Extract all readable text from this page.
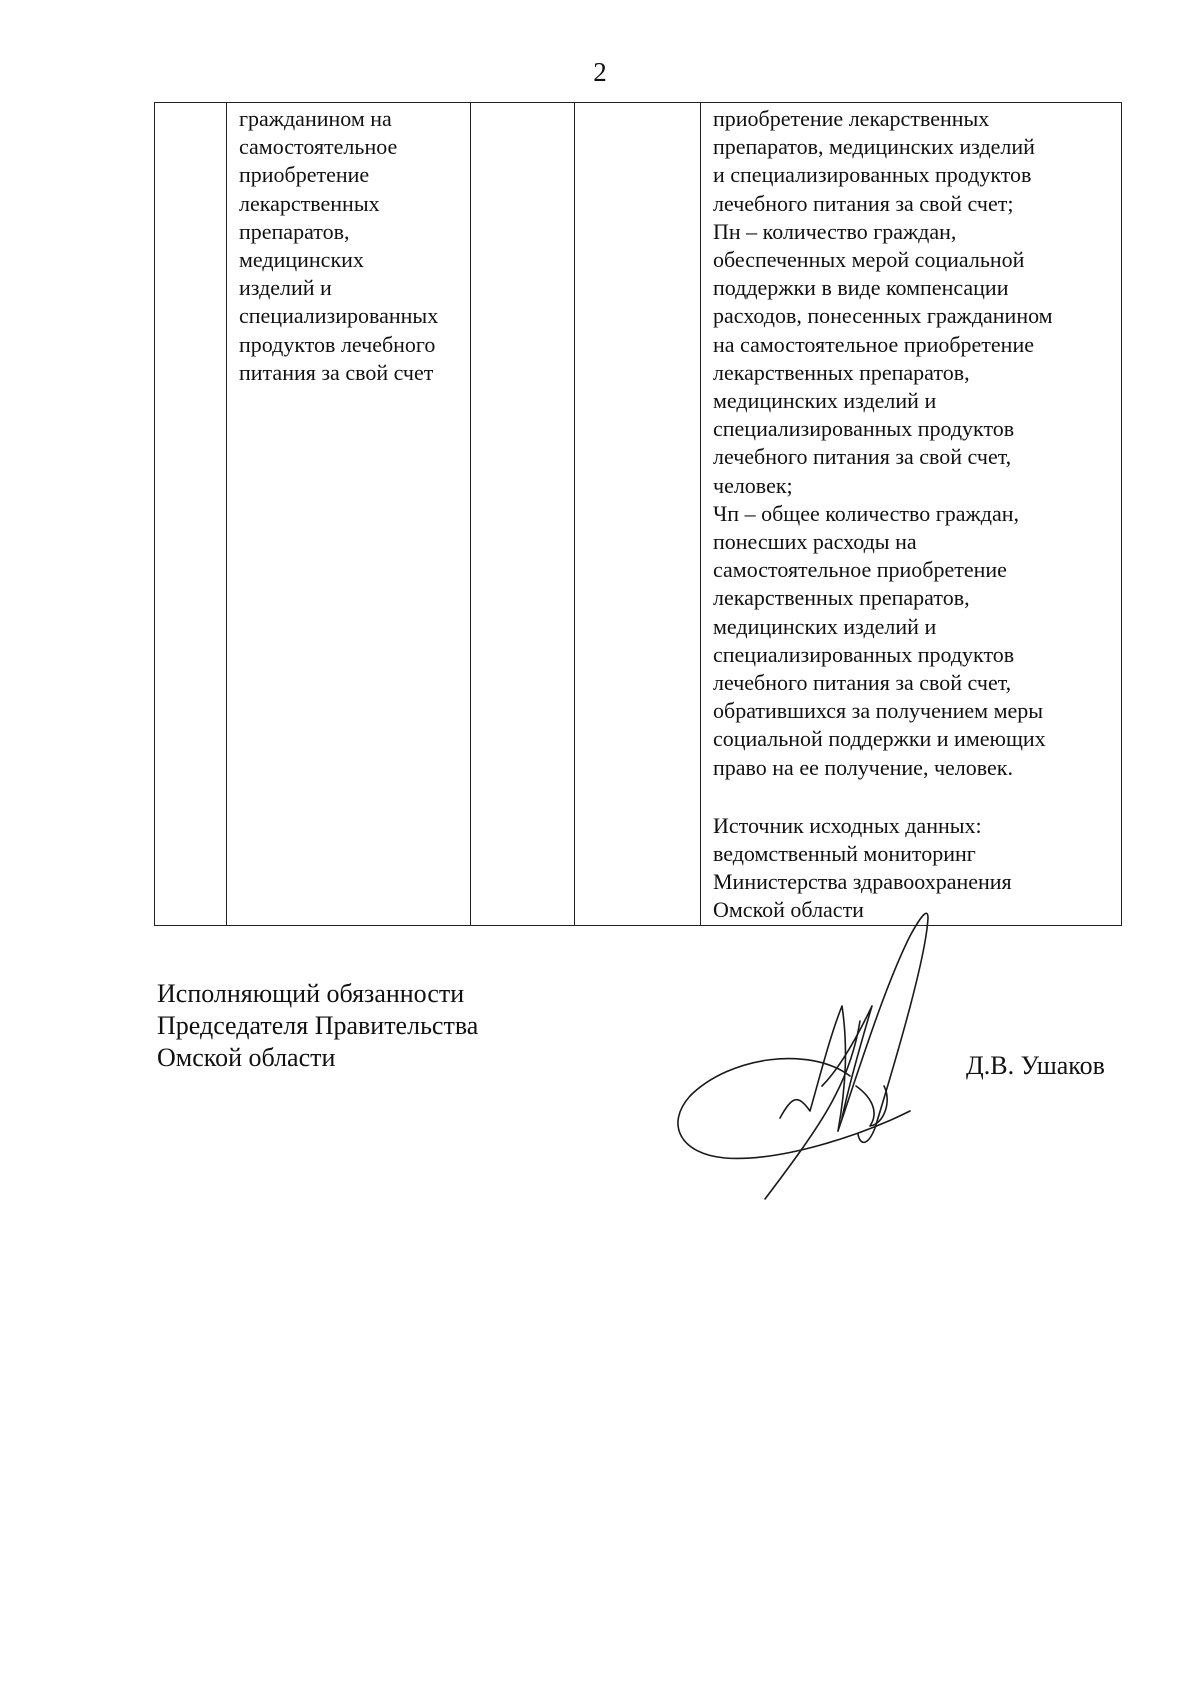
2

гражданином на
самостоятельное
приобретение
лекарственных
препаратов,
медицинских
изделий и
специализированных
продуктов лечебного
питания за свой счет

приобретение лекарственных
препаратов, медицинских изделий
и специализированных продуктов
лечебного питания за свой счет;
Пн – количество граждан,
обеспеченных мерой социальной
поддержки в виде компенсации
расходов, понесенных гражданином
на самостоятельное приобретение
лекарственных препаратов,
медицинских изделий и
специализированных продуктов
лечебного питания за свой счет,
человек;
Чп – общее количество граждан,
понесших расходы на
самостоятельное приобретение
лекарственных препаратов,
медицинских изделий и
специализированных продуктов
лечебного питания за свой счет,
обратившихся за получением меры
социальной поддержки и имеющих
право на ее получение, человек.
Источник исходных данных:
ведомственный мониторинг
Министерства здравоохранения
Омской области
Исполняющий обязанности
Председателя Правительства
Омской области	Д.В. Ушаков
